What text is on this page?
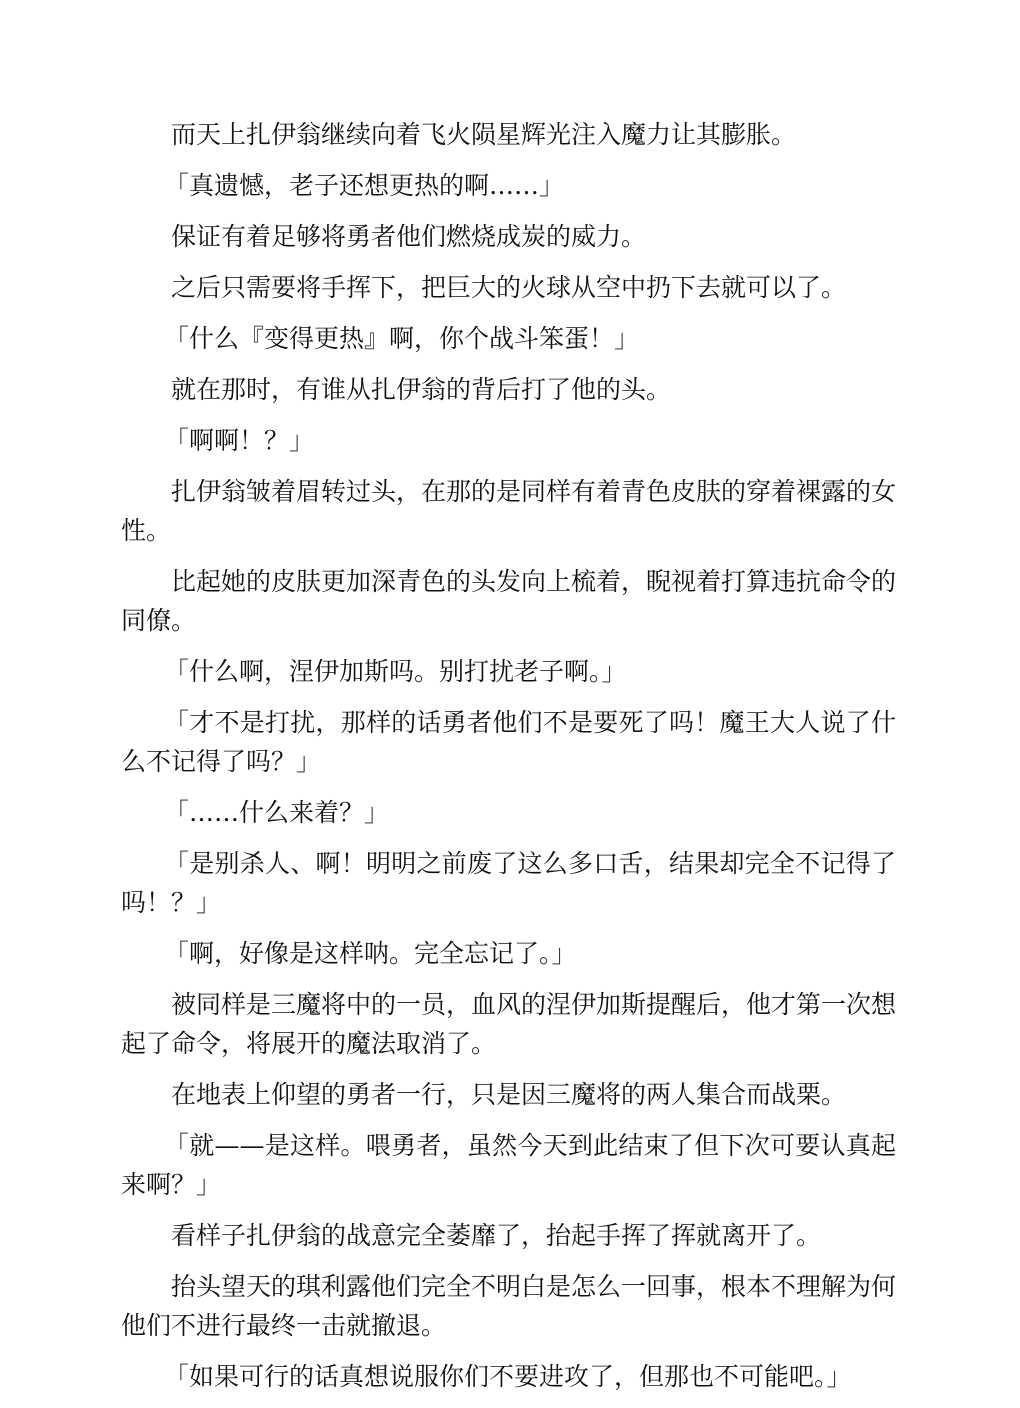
而天上扎伊翁继续向着飞火陨星辉光注入魔力让其膨胀。

「真遗憾，老子还想更热的啊……」

保证有着足够将勇者他们燃烧成炭的威力。

之后只需要将手挥下，把巨大的火球从空中扔下去就可以了。

「什么『变得更热』啊，你个战斗笨蛋！」

就在那时，有谁从扎伊翁的背后打了他的头。

「啊啊！？」

扎伊翁皱着眉转过头，在那的是同样有着青色皮肤的穿着裸露的女性。

比起她的皮肤更加深青色的头发向上梳着，睨视着打算违抗命令的同僚。

「什么啊，涅伊加斯吗。别打扰老子啊。」

「才不是打扰，那样的话勇者他们不是要死了吗！魔王大人说了什么不记得了吗？」

「……什么来着？」

「是别杀人、啊！明明之前废了这么多口舌，结果却完全不记得了吗！？」

「啊，好像是这样呐。完全忘记了。」

被同样是三魔将中的一员，血风的涅伊加斯提醒后，他才第一次想起了命令，将展开的魔法取消了。

在地表上仰望的勇者一行，只是因三魔将的两人集合而战栗。

「就——是这样。喂勇者，虽然今天到此结束了但下次可要认真起来啊？」

看样子扎伊翁的战意完全萎靡了，抬起手挥了挥就离开了。

抬头望天的琪利露他们完全不明白是怎么一回事，根本不理解为何他们不进行最终一击就撤退。

「如果可行的话真想说服你们不要进攻了，但那也不可能吧。」
